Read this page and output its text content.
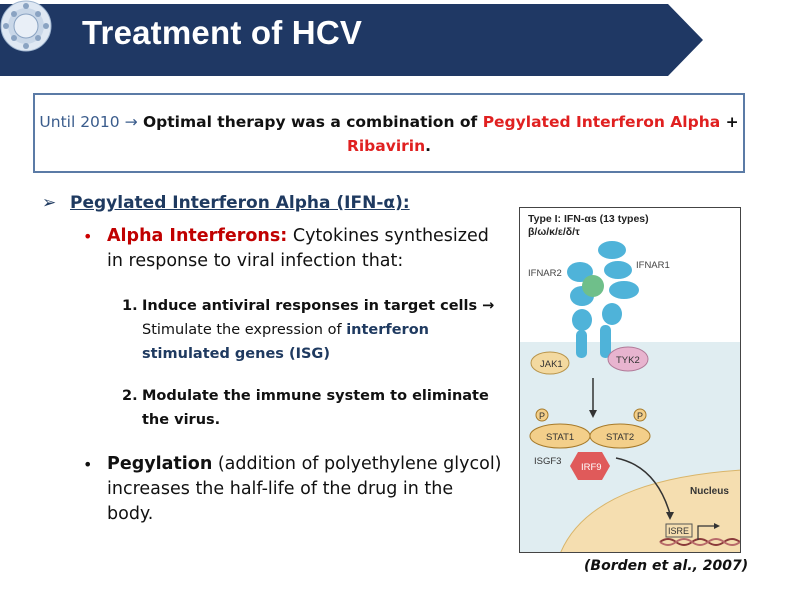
Treatment of HCV
Until 2010 → Optimal therapy was a combination of Pegylated Interferon Alpha +
Ribavirin.
➢ Pegylated Interferon Alpha (IFN-α):
• Alpha Interferons: Cytokines synthesized in response to viral infection that:
1. Induce antiviral responses in target cells →
Stimulate the expression of interferon stimulated genes (ISG)
2. Modulate the immune system to eliminate the virus.
• Pegylation (addition of polyethylene glycol) increases the half-life of the drug in the body.
Type I: IFN-αs (13 types)
β/ω/κ/ε/δ/τ
IFNAR2
IFNAR1
JAK1	TYK2
P	P
STAT1	STAT2
IRF9
ISGF3
Nucleus
ISRE
(Borden et al., 2007)
